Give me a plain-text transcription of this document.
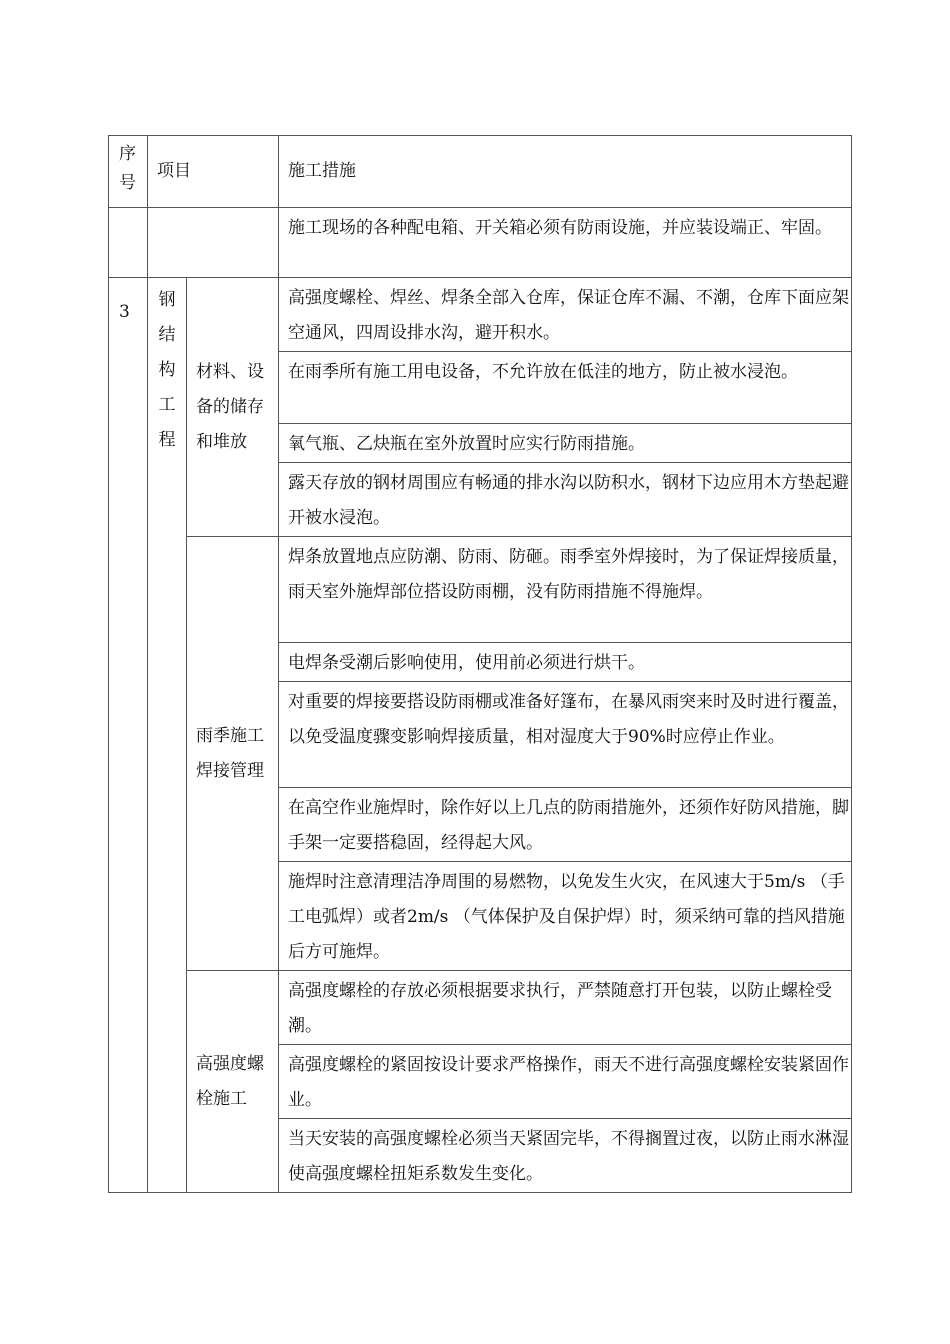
序号	项目		施工措施
			施工现场的各种配电箱、开关箱必须有防雨设施，并应装设端正、牢固。
3	钢结构工程	材料、设备的储存和堆放	高强度螺栓、焊丝、焊条全部入仓库，保证仓库不漏、不潮，仓库下面应架空通风，四周设排水沟，避开积水。

			在雨季所有施工用电设备，不允许放在低洼的地方，防止被水浸泡。

			氧气瓶、乙炔瓶在室外放置时应实行防雨措施。
			露天存放的钢材周围应有畅通的排水沟以防积水，钢材下边应用木方垫起避开被水浸泡。
		雨季施工焊接管理	焊条放置地点应防潮、防雨、防砸。雨季室外焊接时，为了保证焊接质量，雨天室外施焊部位搭设防雨棚，没有防雨措施不得施焊。
			电焊条受潮后影响使用，使用前必须进行烘干。
			对重要的焊接要搭设防雨棚或准备好篷布，在暴风雨突来时及时进行覆盖，以免受温度骤变影响焊接质量，相对湿度大于90%时应停止作业。
			在高空作业施焊时，除作好以上几点的防雨措施外，还须作好防风措施，脚手架一定要搭稳固，经得起大风。
			施焊时注意清理洁净周围的易燃物，以免发生火灾，在风速大于5m/s （手工电弧焊）或者2m/s （气体保护及自保护焊）时，须采纳可靠的挡风措施后方可施焊。
		高强度螺栓施工	高强度螺栓的存放必须根据要求执行，严禁随意打开包装，以防止螺栓受潮。
			高强度螺栓的紧固按设计要求严格操作，雨天不进行高强度螺栓安装紧固作业。
			当天安装的高强度螺栓必须当天紧固完毕，不得搁置过夜，以防止雨水淋湿使高强度螺栓扭矩系数发生变化。
